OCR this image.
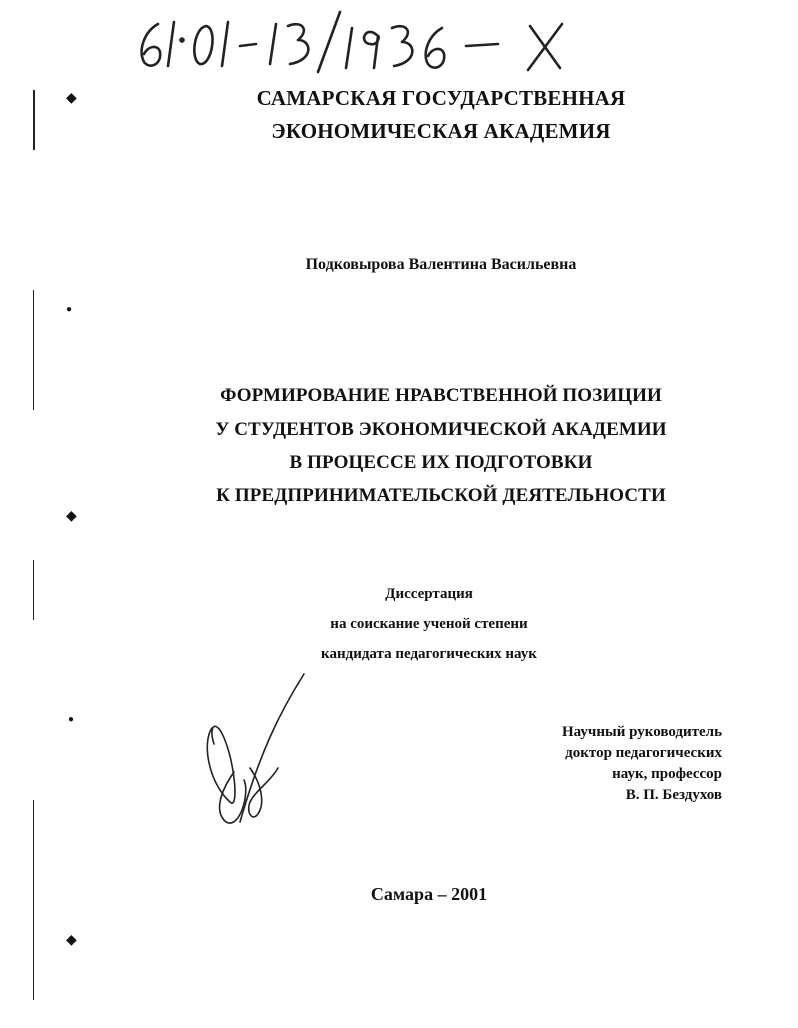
◆
●
◆
●
◆
САМАРСКАЯ ГОСУДАРСТВЕННАЯ
ЭКОНОМИЧЕСКАЯ АКАДЕМИЯ
Подковырова Валентина Васильевна
ФОРМИРОВАНИЕ НРАВСТВЕННОЙ ПОЗИЦИИ
У СТУДЕНТОВ ЭКОНОМИЧЕСКОЙ АКАДЕМИИ
В ПРОЦЕССЕ ИХ ПОДГОТОВКИ
К ПРЕДПРИНИМАТЕЛЬСКОЙ ДЕЯТЕЛЬНОСТИ
Диссертация
на соискание ученой степени
кандидата педагогических наук
Научный руководитель
доктор педагогических
наук, профессор
В. П. Бездухов
Самара – 2001
